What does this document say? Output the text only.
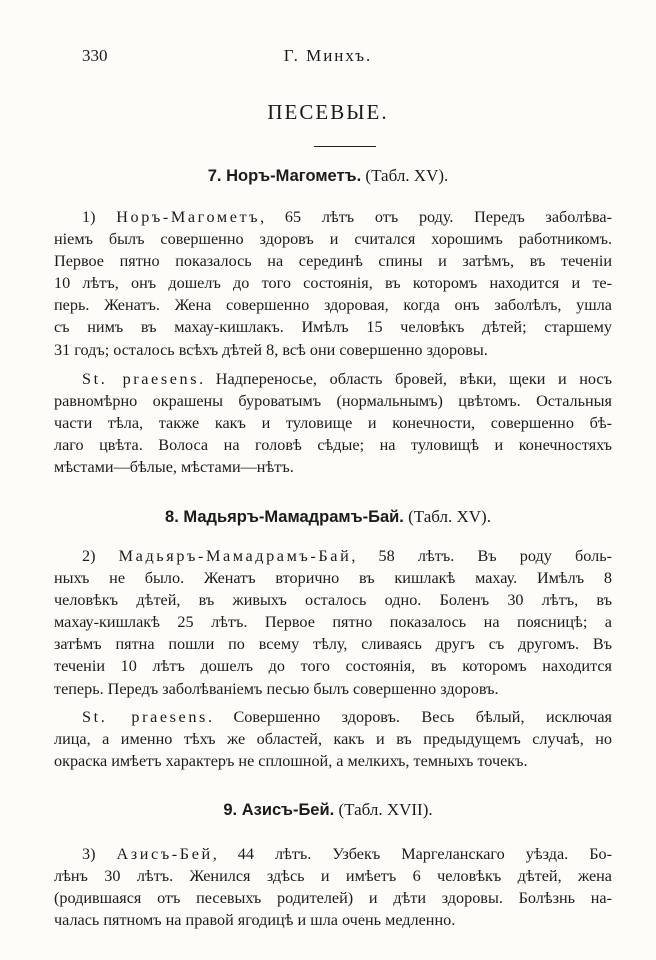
330	Г. Минхъ.
ПЕСЕВЫЕ.
7. Норъ-Магометъ. (Табл. XV).
1) Норъ-Магометъ, 65 лѣтъ отъ роду. Передъ заболѣва-
ніемъ былъ совершенно здоровъ и считался хорошимъ работникомъ.
Первое пятно показалось на серединѣ спины и затѣмъ, въ теченіи
10 лѣтъ, онъ дошелъ до того состоянія, въ которомъ находится и те-
перь. Женатъ. Жена совершенно здоровая, когда онъ заболѣлъ, ушла
съ нимъ въ махау-кишлакъ. Имѣлъ 15 человѣкъ дѣтей; старшему
31 годъ; осталось всѣхъ дѣтей 8, всѣ они совершенно здоровы.
St. praesens. Надпереносье, область бровей, вѣки, щеки и носъ
равномѣрно окрашены буроватымъ (нормальнымъ) цвѣтомъ. Остальныя
части тѣла, также какъ и туловище и конечности, совершенно бѣ-
лаго цвѣта. Волоса на головѣ сѣдые; на туловищѣ и конечностяхъ
мѣстами—бѣлые, мѣстами—нѣтъ.
8. Мадьяръ-Мамадрамъ-Бай. (Табл. XV).
2) Мадьяръ-Мамадрамъ-Бай, 58 лѣтъ. Въ роду боль-
ныхъ не было. Женатъ вторично въ кишлакѣ махау. Имѣлъ 8
человѣкъ дѣтей, въ живыхъ осталось одно. Боленъ 30 лѣтъ, въ
махау-кишлакѣ 25 лѣтъ. Первое пятно показалось на поясницѣ; а
затѣмъ пятна пошли по всему тѣлу, сливаясь другъ съ другомъ. Въ
теченіи 10 лѣтъ дошелъ до того состоянія, въ которомъ находится
теперь. Передъ заболѣваніемъ песью былъ совершенно здоровъ.
St. praesens. Совершенно здоровъ. Весь бѣлый, исключая
лица, а именно тѣхъ же областей, какъ и въ предыдущемъ случаѣ, но
окраска имѣетъ характеръ не сплошной, а мелкихъ, темныхъ точекъ.
9. Азисъ-Бей. (Табл. XVII).
3) Азисъ-Бей, 44 лѣтъ. Узбекъ Маргеланскаго уѣзда. Бо-
лѣнъ 30 лѣтъ. Женился здѣсь и имѣетъ 6 человѣкъ дѣтей, жена
(родившаяся отъ песевыхъ родителей) и дѣти здоровы. Болѣзнь на-
чалась пятномъ на правой ягодицѣ и шла очень медленно.
